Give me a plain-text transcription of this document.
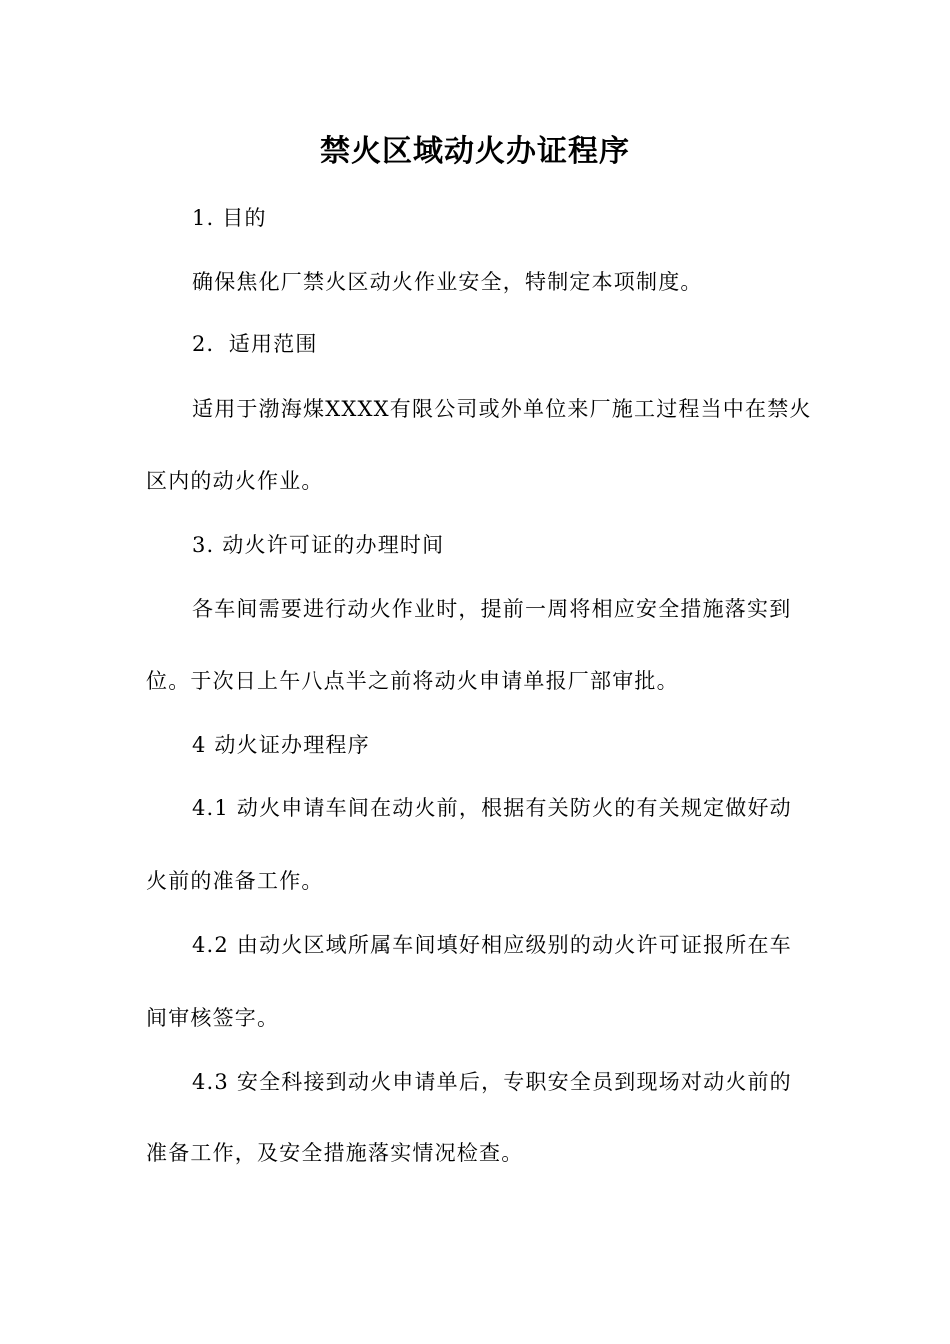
禁火区域动火办证程序
1. 目的
确保焦化厂禁火区动火作业安全，特制定本项制度。
2．适用范围
适用于渤海煤XXXX有限公司或外单位来厂施工过程当中在禁火
区内的动火作业。
3. 动火许可证的办理时间
各车间需要进行动火作业时，提前一周将相应安全措施落实到
位。于次日上午八点半之前将动火申请单报厂部审批。
4 动火证办理程序
4.1 动火申请车间在动火前，根据有关防火的有关规定做好动
火前的准备工作。
4.2 由动火区域所属车间填好相应级别的动火许可证报所在车
间审核签字。
4.3 安全科接到动火申请单后，专职安全员到现场对动火前的
准备工作，及安全措施落实情况检查。
